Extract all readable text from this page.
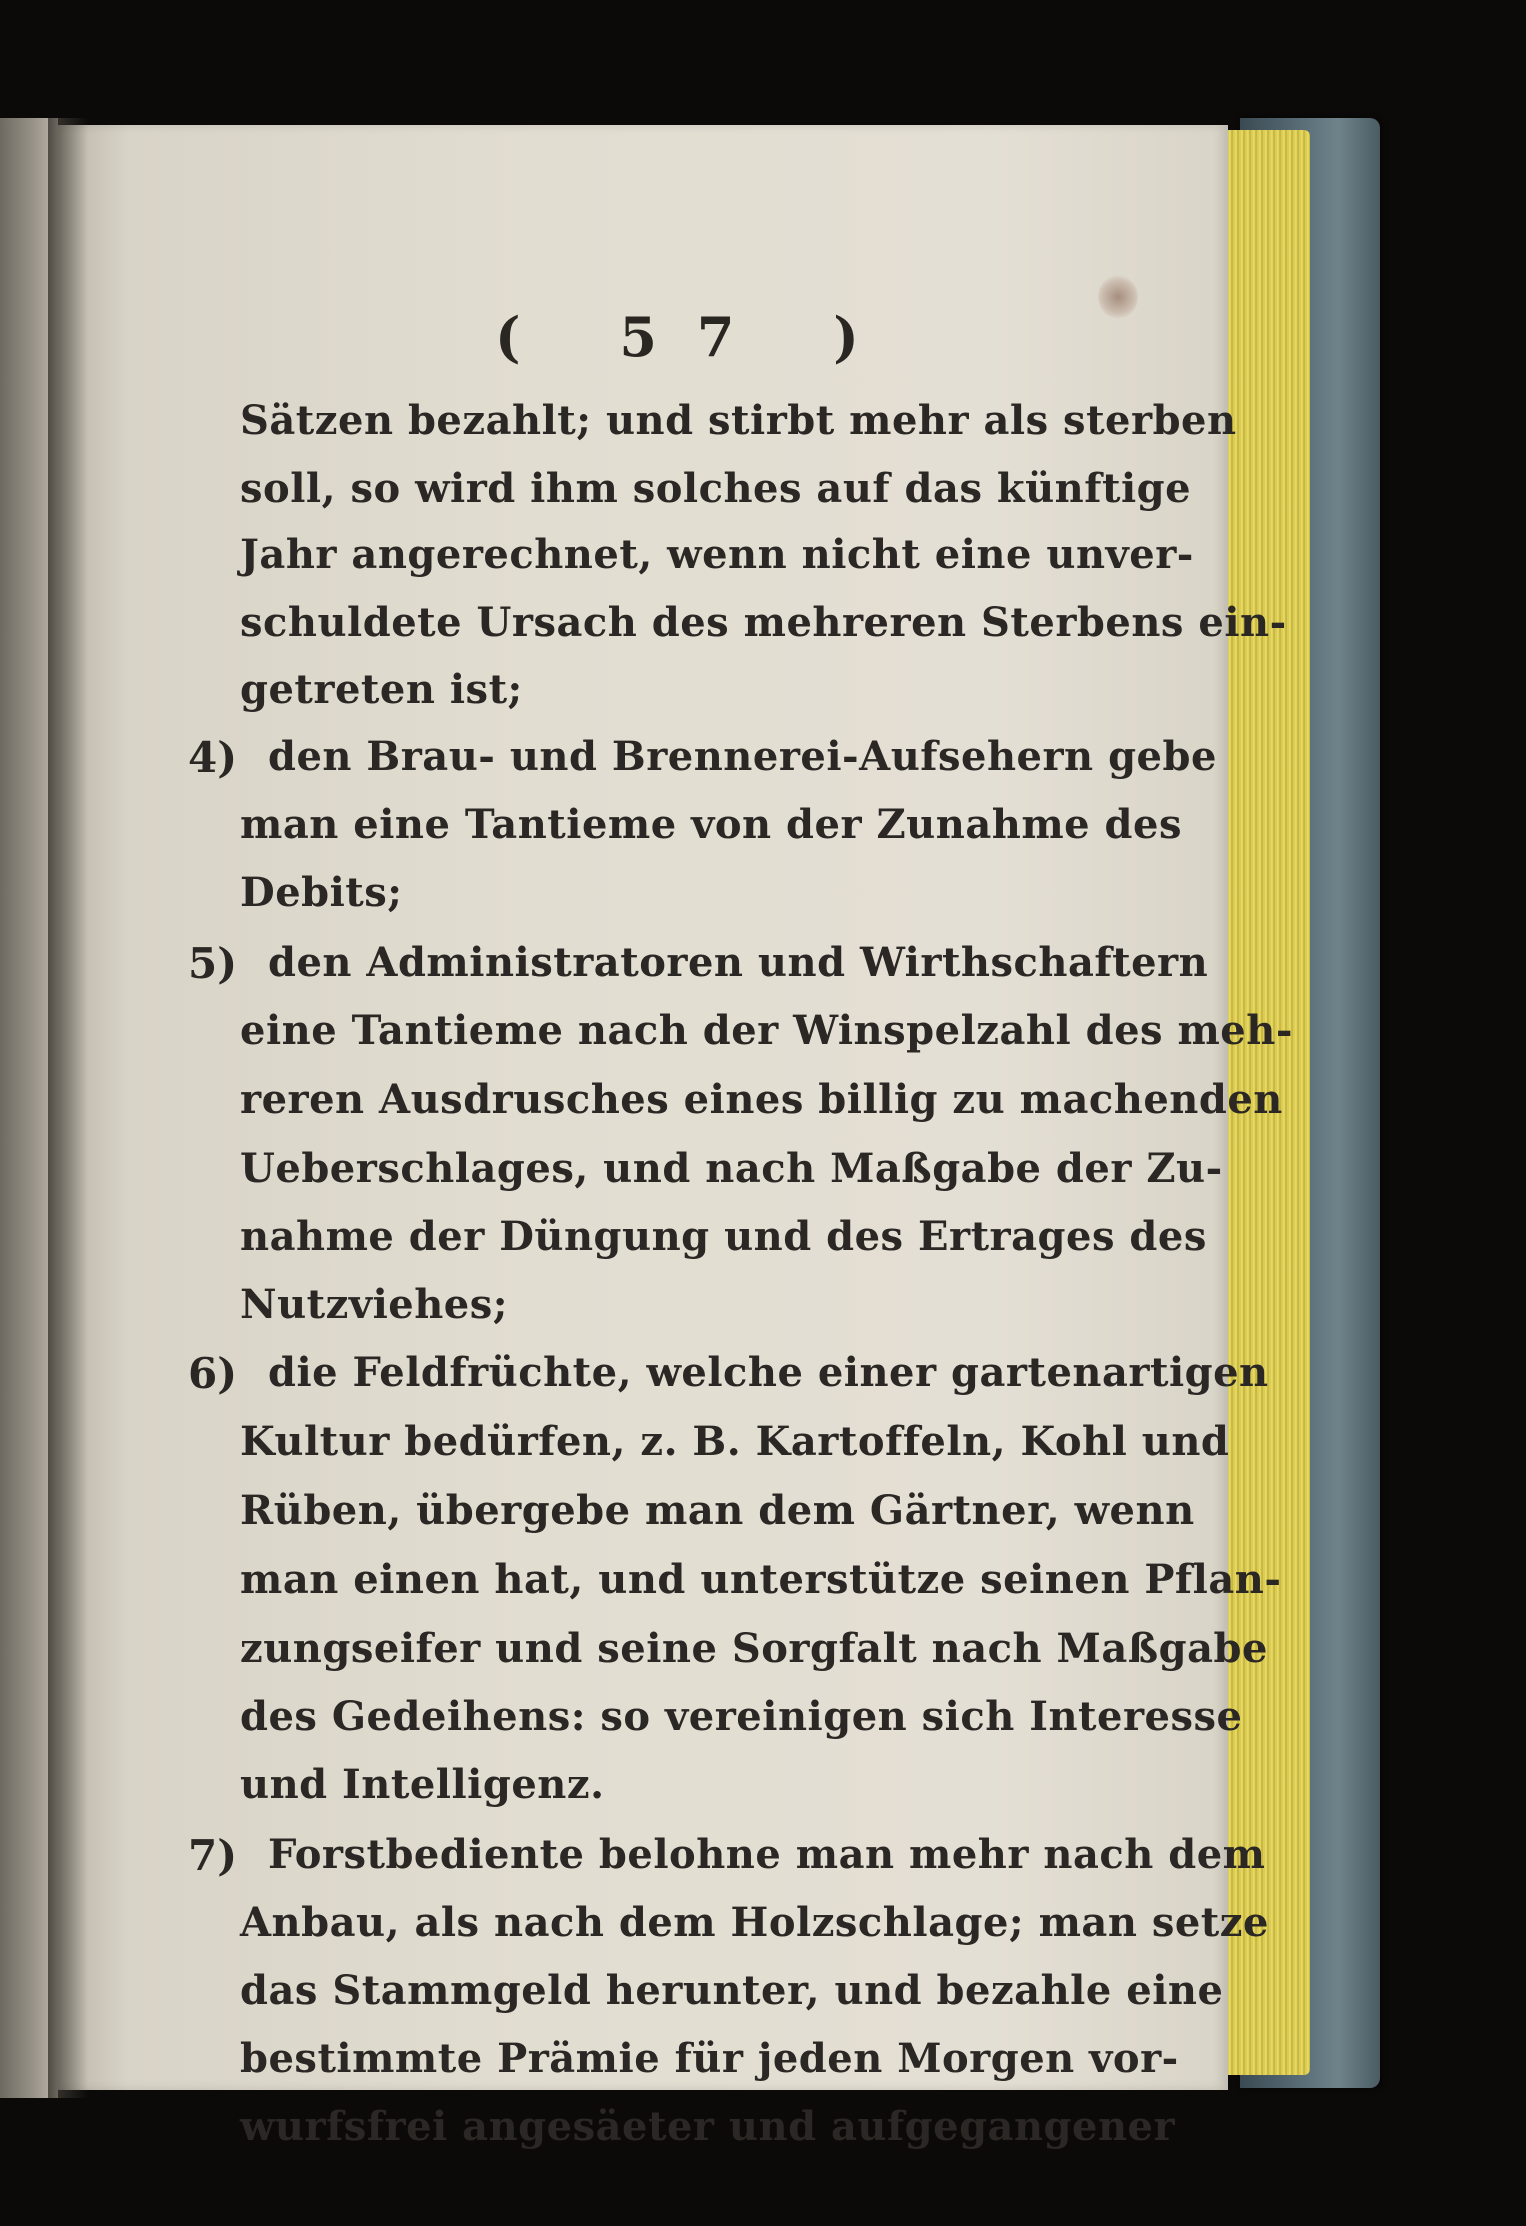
( 57 )
Sätzen bezahlt; und stirbt mehr als sterben
soll, so wird ihm solches auf das künftige
Jahr angerechnet, wenn nicht eine unver-
schuldete Ursach des mehreren Sterbens ein-
getreten ist;
4) den Brau- und Brennerei-Aufsehern gebe
man eine Tantieme von der Zunahme des
Debits;
5) den Administratoren und Wirthschaftern
eine Tantieme nach der Winspelzahl des meh-
reren Ausdrusches eines billig zu machenden
Ueberschlages, und nach Maßgabe der Zu-
nahme der Düngung und des Ertrages des
Nutzviehes;
6) die Feldfrüchte, welche einer gartenartigen
Kultur bedürfen, z. B. Kartoffeln, Kohl und
Rüben, übergebe man dem Gärtner, wenn
man einen hat, und unterstütze seinen Pflan-
zungseifer und seine Sorgfalt nach Maßgabe
des Gedeihens: so vereinigen sich Interesse
und Intelligenz.
7) Forstbediente belohne man mehr nach dem
Anbau, als nach dem Holzschlage; man setze
das Stammgeld herunter, und bezahle eine
bestimmte Prämie für jeden Morgen vor-
wurfsfrei angesäeter und aufgegangener
